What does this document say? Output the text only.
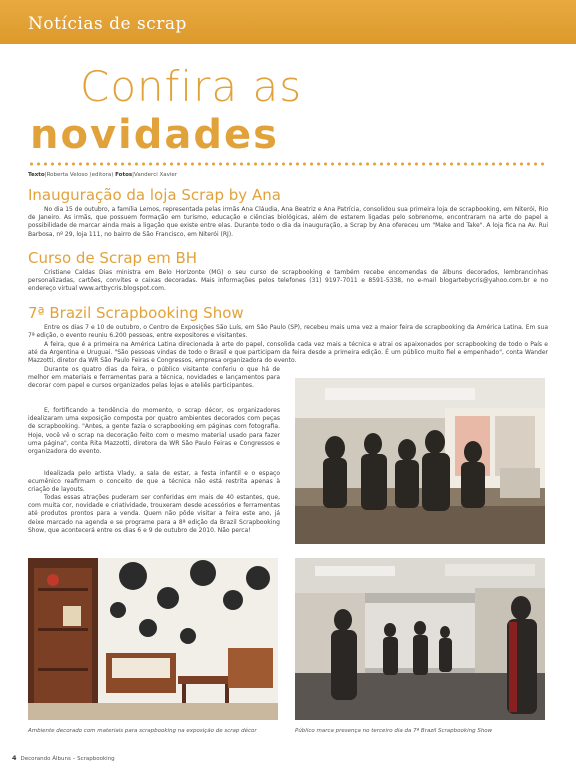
Notícias de scrap
Confira as
novidades
Texto|Roberta Veloso (editora) Fotos|Vanderci Xavier
Inauguração da loja Scrap by Ana

No dia 15 de outubro, a família Lemos, representada pelas irmãs Ana Cláudia, Ana Beatriz e Ana Patrícia, consolidou sua primeira loja de scrapbooking, em Niterói, Rio de Janeiro. As irmãs, que possuem formação em turismo, educação e ciências biológicas, além de estarem ligadas pelo sobrenome, encontraram na arte do papel a possibilidade de marcar ainda mais a ligação que existe entre elas. Durante todo o dia da inauguração, a Scrap by Ana ofereceu um "Make and Take". A loja fica na Av. Rui Barbosa, nº 29, loja 111, no bairro de São Francisco, em Niterói (RJ).

Curso de Scrap em BH

Cristiane Caldas Dias ministra em Belo Horizonte (MG) o seu curso de scrapbooking e também recebe encomendas de álbuns decorados, lembrancinhas personalizadas, cartões, convites e caixas decoradas. Mais informações pelos telefones (31) 9197-7011 e 8591-5338, no e-mail blogartebycris@yahoo.com.br e no endereço virtual www.artbycris.blogspot.com.

7ª Brazil Scrapbooking Show

Entre os dias 7 e 10 de outubro, o Centro de Exposições São Luís, em São Paulo (SP), recebeu mais uma vez a maior feira de scrapbooking da América Latina. Em sua 7ª edição, o evento reuniu 6.200 pessoas, entre expositores e visitantes.

A feira, que é a primeira na América Latina direcionada à arte do papel, consolida cada vez mais a técnica e atrai os apaixonados por scrapbooking de todo o País e até da Argentina e Uruguai. "São pessoas vindas de todo o Brasil e que participam da feira desde a primeira edição. É um público muito fiel e empenhado", conta Wander Mazzotti, diretor da WR São Paulo Feiras e Congressos, empresa organizadora do evento.

Durante os quatro dias da feira, o público visitante conferiu o que há de melhor em materiais e ferramentas para a técnica, novidades e lançamentos para decorar com papel e cursos organizados pelas lojas e ateliês participantes.

E, fortificando a tendência do momento, o scrap décor, os organizadores idealizaram uma exposição composta por quatro ambientes decorados com peças de scrapbooking. "Antes, a gente fazia o scrapbooking em páginas com fotografia. Hoje, você vê o scrap na decoração feito com o mesmo material usado para fazer uma página", conta Rita Mazzotti, diretora da WR São Paulo Feiras e Congressos e organizadora do evento.

Idealizada pelo artista Vlady, a sala de estar, a festa infantil e o espaço ecumênico reafirmam o conceito de que a técnica não está restrita apenas à criação de layouts.

Todas essas atrações puderam ser conferidas em mais de 40 estantes, que, com muita cor, novidade e criatividade, trouxeram desde acessórios e ferramentas até produtos prontos para a venda. Quem não pôde visitar a feira este ano, já deixe marcado na agenda e se programe para a 8ª edição da Brazil Scrapbooking Show, que acontecerá entre os dias 6 e 9 de outubro de 2010. Não perca!

Ambiente decorado com materiais para scrapbooking na exposição de scrap décor	Público marca presença no terceiro dia da 7ª Brazil Scrapbooking Show
4 Decorando Álbuns – Scrapbooking
